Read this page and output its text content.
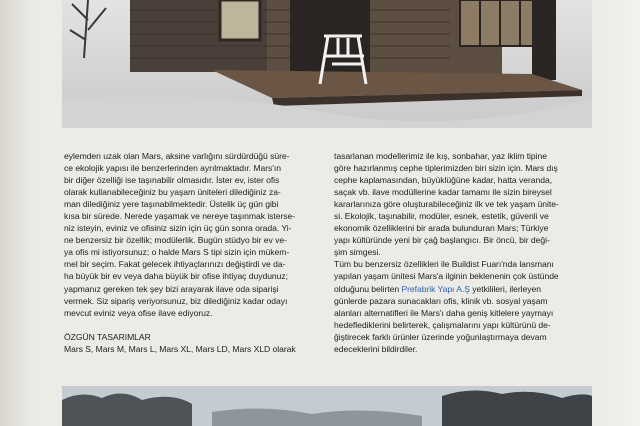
eylemden uzak olan Mars, aksine varlığını sürdürdüğü süre-
ce ekolojik yapısı ile benzerlerinden ayrılmaktadır. Mars'ın
bir diğer özelliği ise taşınabilir olmasıdır. İster ev, ister ofis
olarak kullanabileceğiniz bu yaşam üniteleri dilediğiniz za-
man dilediğiniz yere taşınabilmektedir. Üstelik üç gün gibi
kısa bir sürede. Nerede yaşamak ve nereye taşınmak isterse-
niz isteyin, eviniz ve ofisiniz sizin için üç gün sonra orada. Yi-
ne benzersiz bir özellik; modülerlik. Bugün stüdyo bir ev ve-
ya ofis mi istiyorsunuz; o halde Mars S tipi sizin için mükem-
mel bir seçim. Fakat gelecek ihtiyaçlarınızı değiştirdi ve da-
ha büyük bir ev veya daha büyük bir ofise ihtiyaç duydunuz;
yapmanız gereken tek şey bizi arayarak ilave oda siparişi
vermek. Siz sipariş veriyorsunuz, biz dilediğiniz kadar odayı
mevcut eviniz veya ofise ilave ediyoruz.

ÖZGÜN TASARIMLAR

Mars S, Mars M, Mars L, Mars XL, Mars LD, Mars XLD olarak

tasarlanan modellerimiz ile kış, sonbahar, yaz iklim tipine
göre hazırlanmış cephe tiplerimizden biri sizin için. Mars dış
cephe kaplamasından, büyüklüğüne kadar, hatta veranda,
saçak vb. ilave modüllerine kadar tamamı ile sizin bireysel
kararlarınıza göre oluşturabileceğiniz ilk ve tek yaşam ünite-
si. Ekolojik, taşınabilir, modüler, esnek, estetik, güvenli ve
ekonomik özelliklerini bir arada bulunduran Mars; Türkiye
yapı kültüründe yeni bir çağ başlangıcı. Bir öncü, bir deği-
şim simgesi.

Tüm bu benzersiz özellikleri ile Buildist Fuarı'nda lansmanı
yapılan yaşam ünitesi Mars'a ilginin beklenenin çok üstünde
olduğunu belirten Prefabrik Yapı A.Ş yetkilileri, ilerleyen
günlerde pazara sunacakları ofis, klinik vb. sosyal yaşam
alanları alternatifleri ile Mars'ı daha geniş kitlelere yaymayı
hedeflediklerini belirterek, çalışmalarını yapı kültürünü de-
ğiştirecek farklı ürünler üzerinde yoğunlaştırmaya devam
edeceklerini bildirdiler.
